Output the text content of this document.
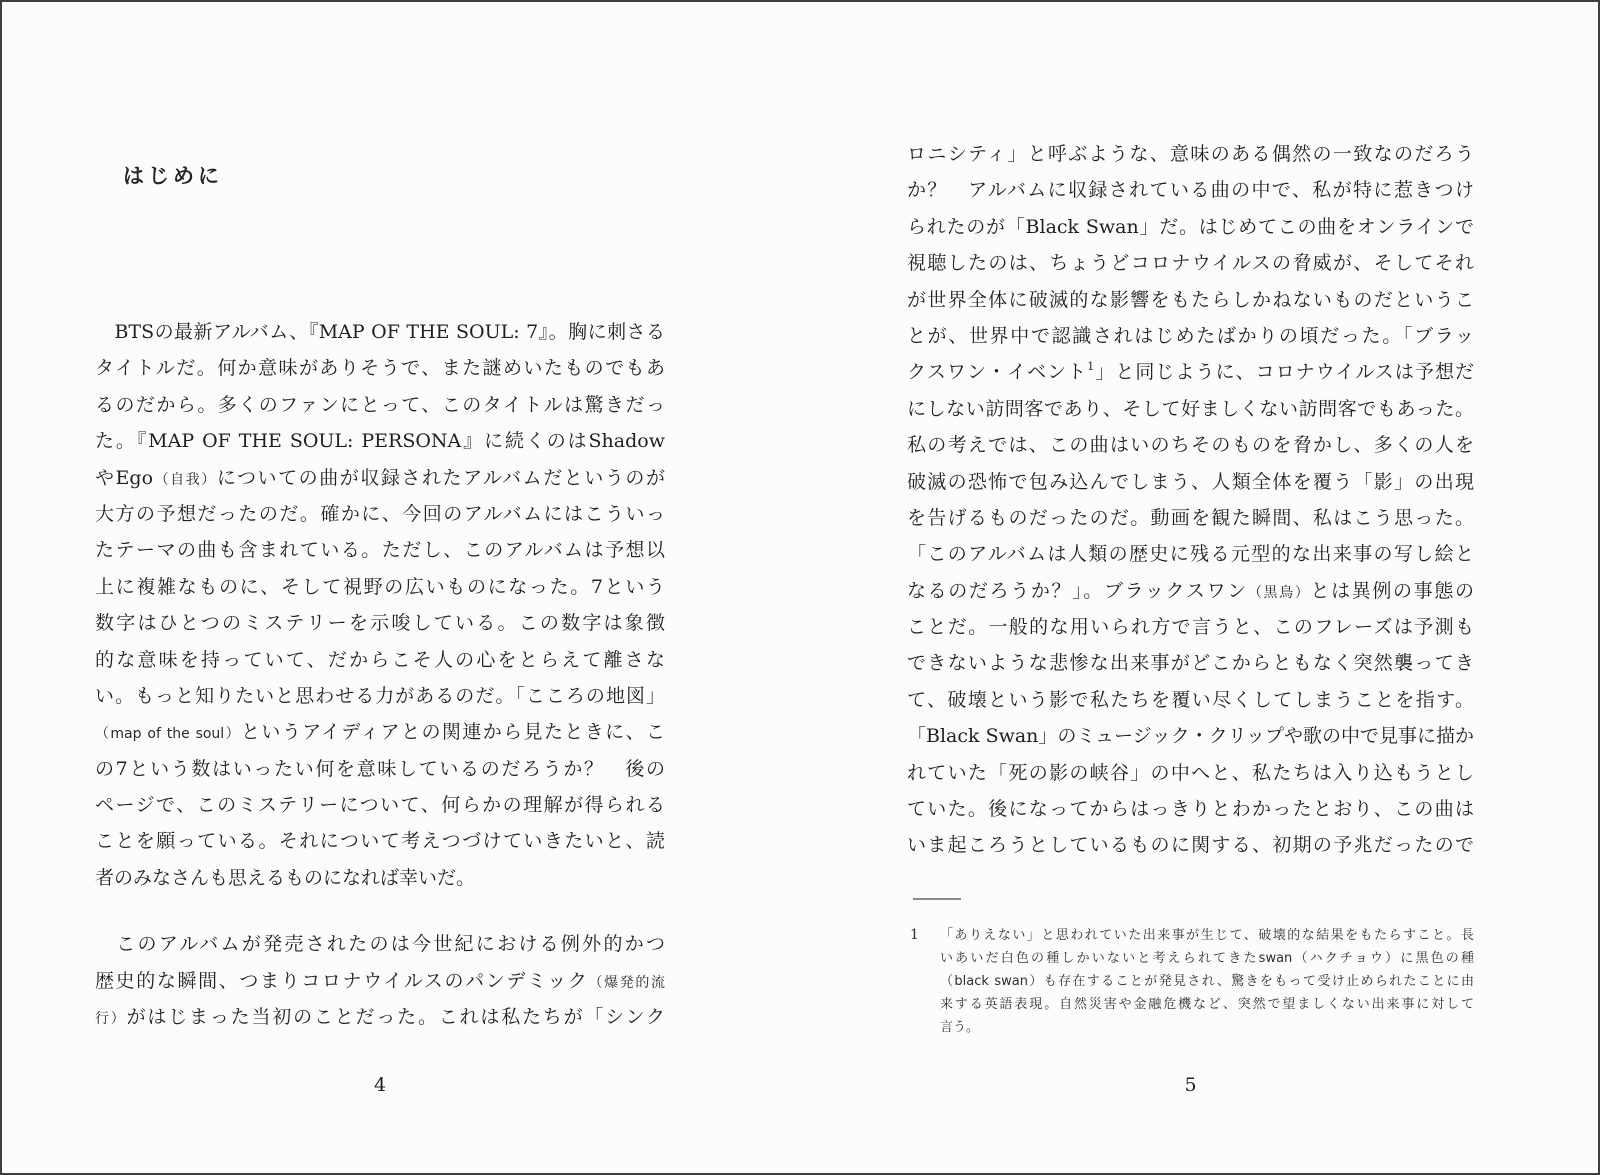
はじめに
　BTSの最新アルバム、『MAP OF THE SOUL: 7』。胸に刺さる
タイトルだ。何か意味がありそうで、また謎めいたものでもあ
るのだから。多くのファンにとって、このタイトルは驚きだっ
た。『MAP OF THE SOUL: PERSONA』に続くのはShadow
やEgo（自我）についての曲が収録されたアルバムだというのが
大方の予想だったのだ。確かに、今回のアルバムにはこういっ
たテーマの曲も含まれている。ただし、このアルバムは予想以
上に複雑なものに、そして視野の広いものになった。7という
数字はひとつのミステリーを示唆している。この数字は象徴
的な意味を持っていて、だからこそ人の心をとらえて離さな
い。もっと知りたいと思わせる力があるのだ。「こころの地図」
（map of the soul）というアイディアとの関連から見たときに、こ
の7という数はいったい何を意味しているのだろうか？　後の
ページで、このミステリーについて、何らかの理解が得られる
ことを願っている。それについて考えつづけていきたいと、読
者のみなさんも思えるものになれば幸いだ。
　このアルバムが発売されたのは今世紀における例外的かつ
歴史的な瞬間、つまりコロナウイルスのパンデミック（爆発的流
行）がはじまった当初のことだった。これは私たちが「シンク
4
ロニシティ」と呼ぶような、意味のある偶然の一致なのだろう
か？　アルバムに収録されている曲の中で、私が特に惹きつけ
られたのが「Black Swan」だ。はじめてこの曲をオンラインで
視聴したのは、ちょうどコロナウイルスの脅威が、そしてそれ
が世界全体に破滅的な影響をもたらしかねないものだというこ
とが、世界中で認識されはじめたばかりの頃だった。「ブラッ
クスワン・イベント$^1$」と同じように、コロナウイルスは予想だ
にしない訪問客であり、そして好ましくない訪問客でもあった。
私の考えでは、この曲はいのちそのものを脅かし、多くの人を
破滅の恐怖で包み込んでしまう、人類全体を覆う「影」の出現
を告げるものだったのだ。動画を観た瞬間、私はこう思った。
「このアルバムは人類の歴史に残る元型的な出来事の写し絵と
なるのだろうか？」。ブラックスワン（黒鳥）とは異例の事態の
ことだ。一般的な用いられ方で言うと、このフレーズは予測も
できないような悲惨な出来事がどこからともなく突然襲ってき
て、破壊という影で私たちを覆い尽くしてしまうことを指す。
「Black Swan」のミュージック・クリップや歌の中で見事に描か
れていた「死の影の峡谷」の中へと、私たちは入り込もうとし
ていた。後になってからはっきりとわかったとおり、この曲は
いま起ころうとしているものに関する、初期の予兆だったので
1	「ありえない」と思われていた出来事が生じて、破壊的な結果をもたらすこと。長
いあいだ白色の種しかいないと考えられてきたswan（ハクチョウ）に黒色の種
（black swan）も存在することが発見され、驚きをもって受け止められたことに由
来する英語表現。自然災害や金融危機など、突然で望ましくない出来事に対して
言う。
5
